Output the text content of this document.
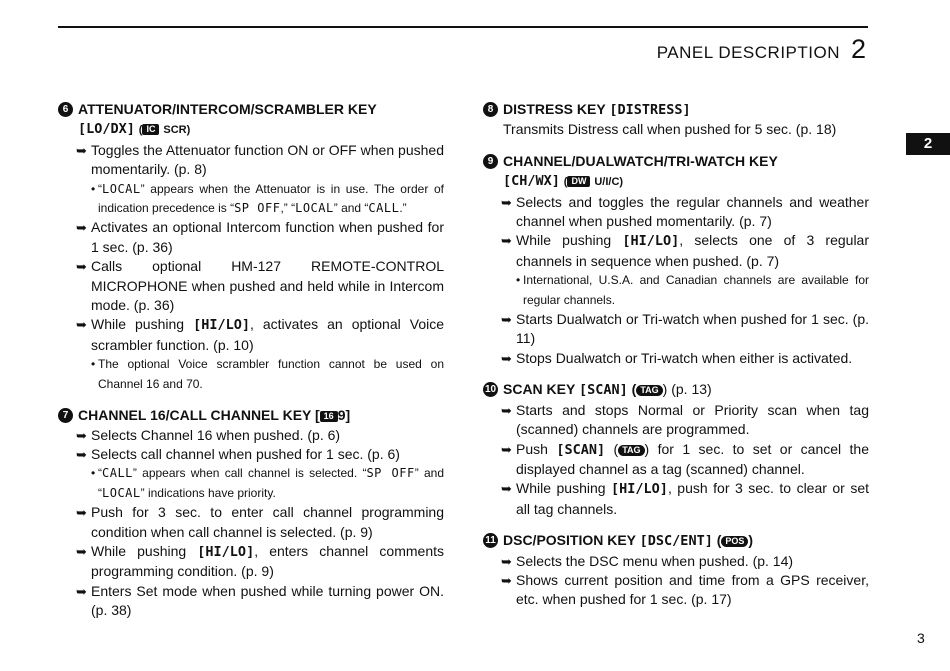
PANEL DESCRIPTION 2
2
3
6 ATTENUATOR/INTERCOM/SCRAMBLER KEY
[LO/DX] ( IC SCR)
➥ Toggles the Attenuator function ON or OFF when pushed momentarily. (p. 8)
• “LOCAL” appears when the Attenuator is in use. The order of indication precedence is “SP OFF,” “LOCAL” and “CALL.”
➥ Activates an optional Intercom function when pushed for 1 sec. (p. 36)
➥ Calls optional HM-127 REMOTE-CONTROL MICROPHONE when pushed and held while in Intercom mode. (p. 36)
➥ While pushing [HI/LO], activates an optional Voice scrambler function. (p. 10)
• The optional Voice scrambler function cannot be used on Channel 16 and 70.
7 CHANNEL 16/CALL CHANNEL KEY [ 16 9]
➥ Selects Channel 16 when pushed. (p. 6)
➥ Selects call channel when pushed for 1 sec. (p. 6)
• “CALL” appears when call channel is selected. “SP OFF” and “LOCAL” indications have priority.
➥ Push for 3 sec. to enter call channel programming condition when call channel is selected. (p. 9)
➥ While pushing [HI/LO], enters channel comments programming condition. (p. 9)
➥ Enters Set mode when pushed while turning power ON. (p. 38)
8 DISTRESS KEY [DISTRESS]
Transmits Distress call when pushed for 5 sec. (p. 18)
9 CHANNEL/DUALWATCH/TRI-WATCH KEY
[CH/WX] ( DW U/I/C)
➥ Selects and toggles the regular channels and weather channel when pushed momentarily. (p. 7)
➥ While pushing [HI/LO], selects one of 3 regular channels in sequence when pushed. (p. 7)
• International, U.S.A. and Canadian channels are available for regular channels.
➥ Starts Dualwatch or Tri-watch when pushed for 1 sec. (p. 11)
➥ Stops Dualwatch or Tri-watch when either is activated.
10 SCAN KEY [SCAN] ( TAG ) (p. 13)
➥ Starts and stops Normal or Priority scan when tag (scanned) channels are programmed.
➥ Push [SCAN] ( TAG ) for 1 sec. to set or cancel the displayed channel as a tag (scanned) channel.
➥ While pushing [HI/LO], push for 3 sec. to clear or set all tag channels.
11 DSC/POSITION KEY [DSC/ENT] ( POS )
➥ Selects the DSC menu when pushed. (p. 14)
➥ Shows current position and time from a GPS receiver, etc. when pushed for 1 sec. (p. 17)
